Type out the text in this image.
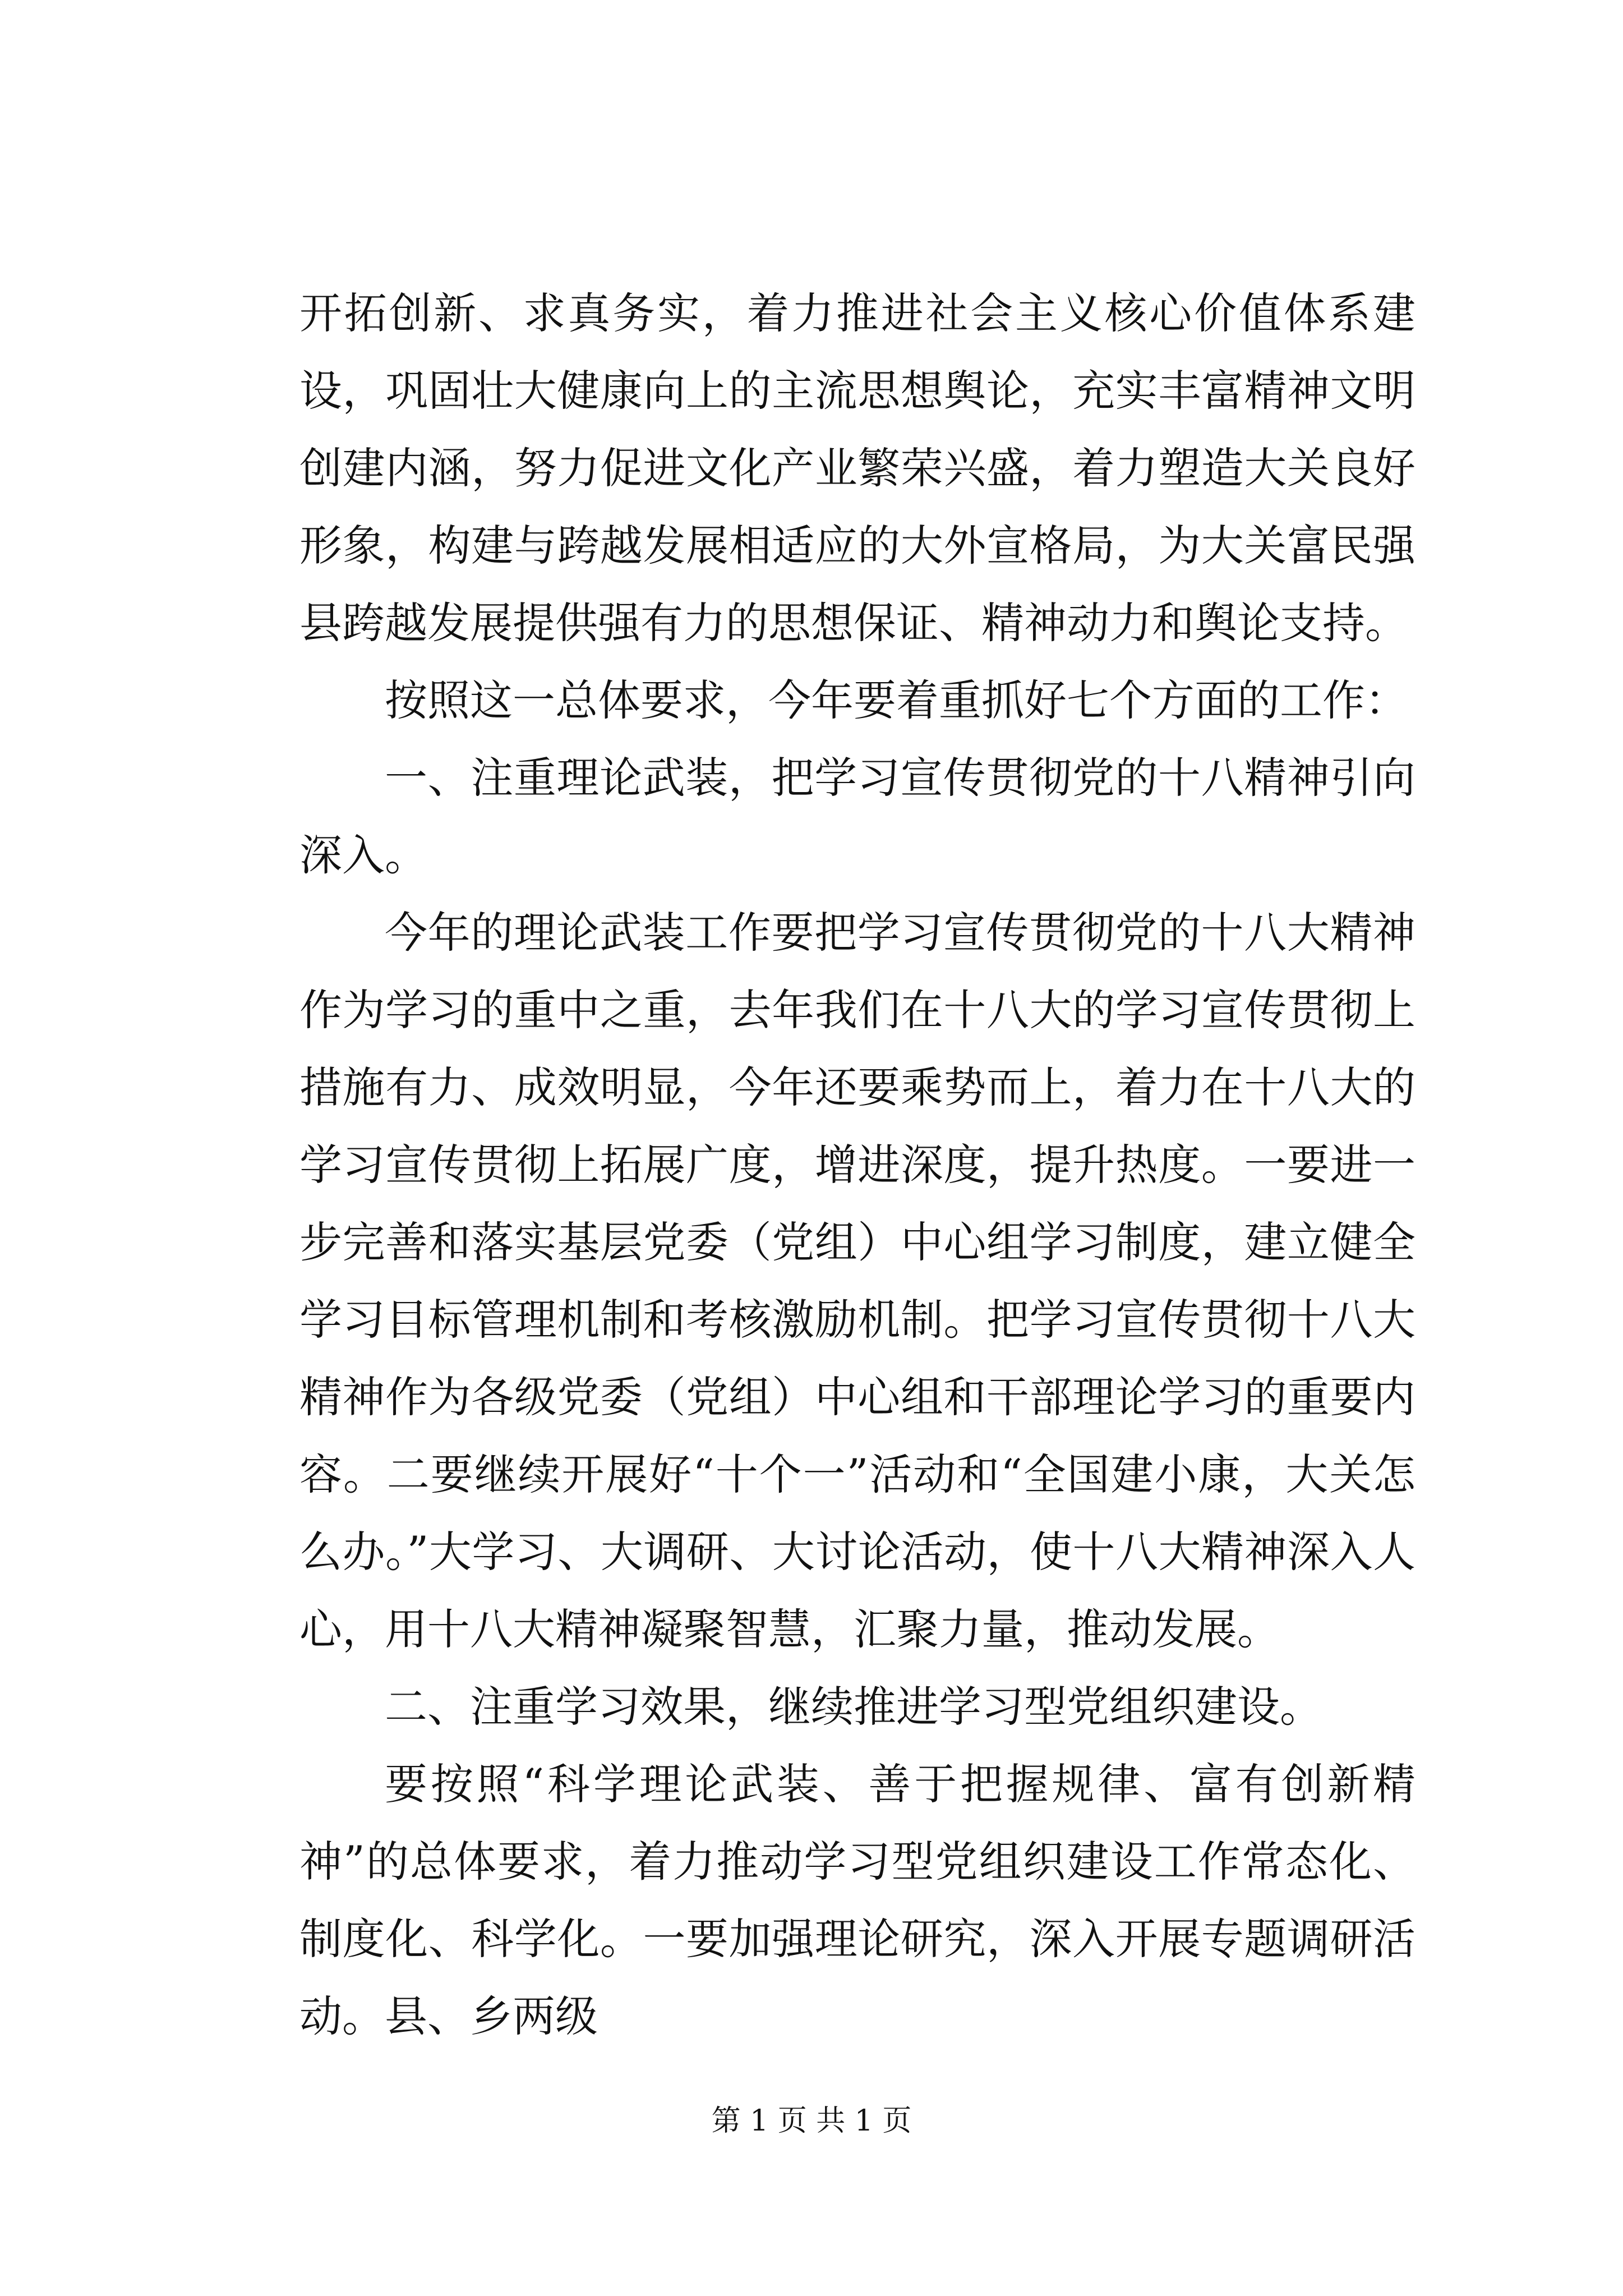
开拓创新、求真务实，着力推进社会主义核心价值体系建设，巩固壮大健康向上的主流思想舆论，充实丰富精神文明创建内涵，努力促进文化产业繁荣兴盛，着力塑造大关良好形象，构建与跨越发展相适应的大外宣格局，为大关富民强县跨越发展提供强有力的思想保证、精神动力和舆论支持。

按照这一总体要求，今年要着重抓好七个方面的工作：

一、注重理论武装，把学习宣传贯彻党的十八精神引向深入。

今年的理论武装工作要把学习宣传贯彻党的十八大精神作为学习的重中之重，去年我们在十八大的学习宣传贯彻上措施有力、成效明显，今年还要乘势而上，着力在十八大的学习宣传贯彻上拓展广度，增进深度，提升热度。一要进一步完善和落实基层党委（党组）中心组学习制度，建立健全学习目标管理机制和考核激励机制。把学习宣传贯彻十八大精神作为各级党委（党组）中心组和干部理论学习的重要内容。二要继续开展好“十个一”活动和“全国建小康，大关怎么办。”大学习、大调研、大讨论活动，使十八大精神深入人心，用十八大精神凝聚智慧，汇聚力量，推动发展。

二、注重学习效果，继续推进学习型党组织建设。

要按照“科学理论武装、善于把握规律、富有创新精神”的总体要求，着力推动学习型党组织建设工作常态化、制度化、科学化。一要加强理论研究，深入开展专题调研活动。县、乡两级

第 1 页 共 1 页
